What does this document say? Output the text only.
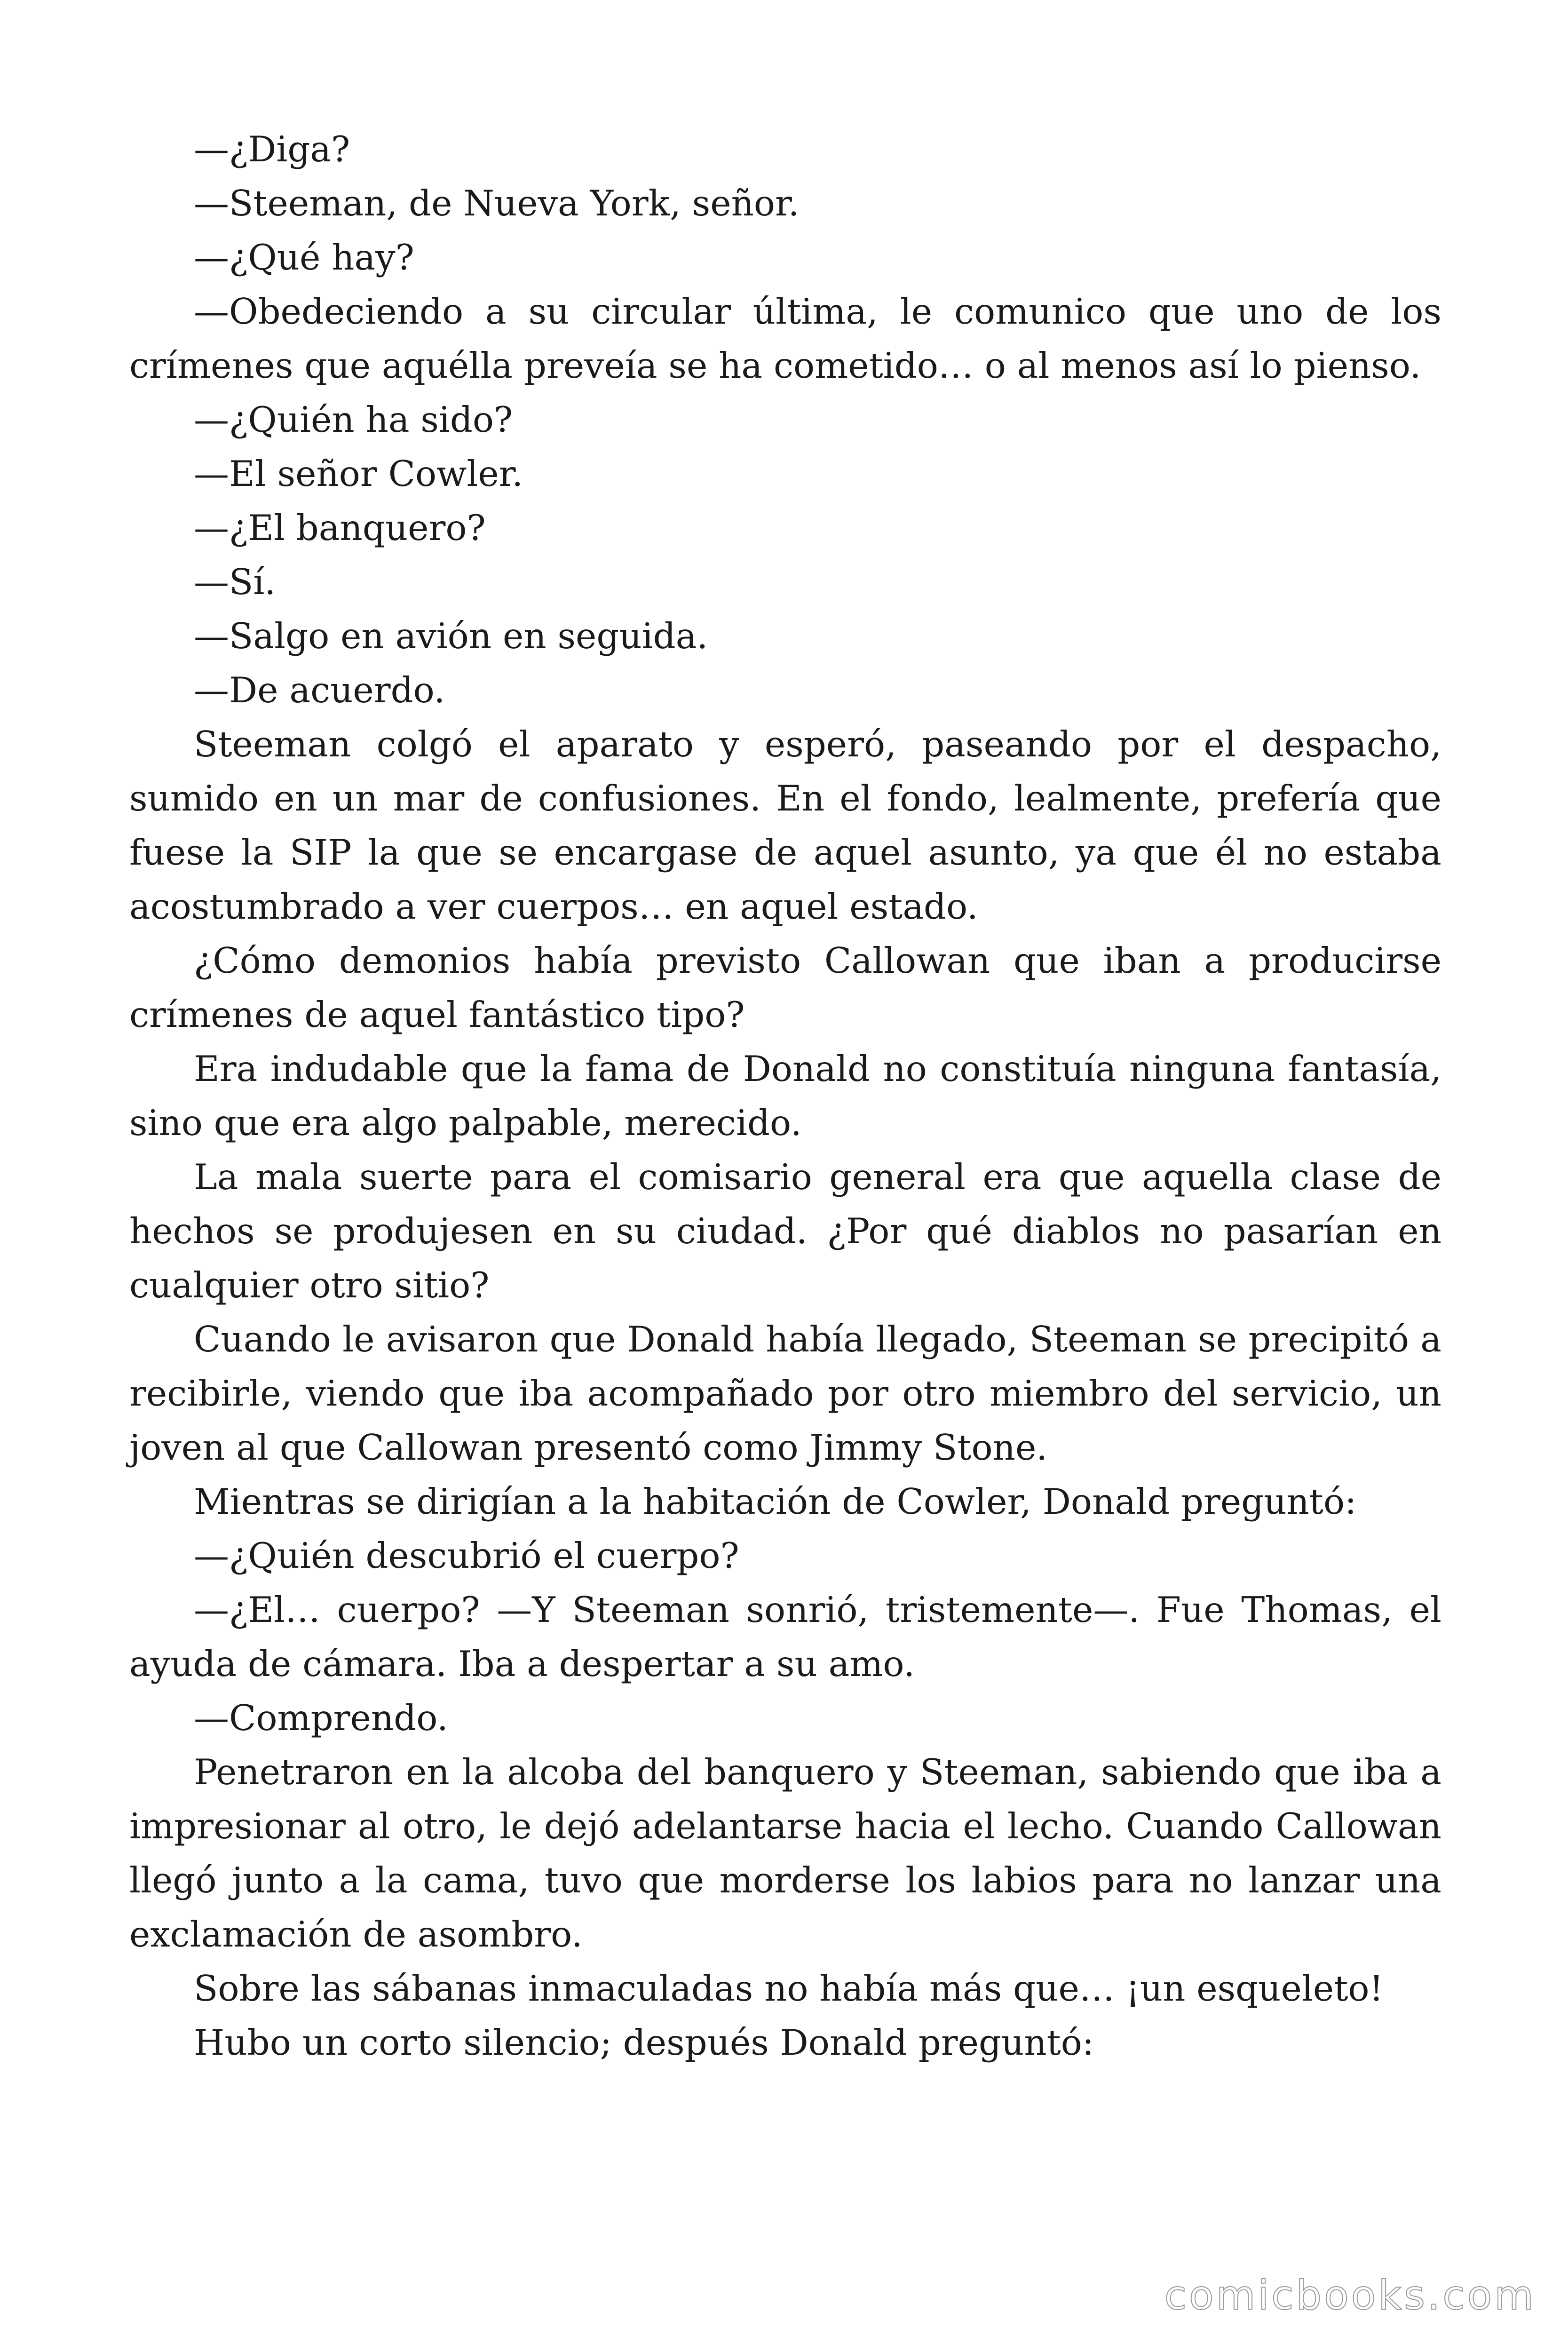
—¿Diga?

—Steeman, de Nueva York, señor.

—¿Qué hay?

—Obedeciendo a su circular última, le comunico que uno de los crímenes que aquélla preveía se ha cometido… o al menos así lo pienso.

—¿Quién ha sido?

—El señor Cowler.

—¿El banquero?

—Sí.

—Salgo en avión en seguida.

—De acuerdo.

Steeman colgó el aparato y esperó, paseando por el despacho, sumido en un mar de confusiones. En el fondo, lealmente, prefería que fuese la SIP la que se encargase de aquel asunto, ya que él no estaba acostumbrado a ver cuerpos… en aquel estado.

¿Cómo demonios había previsto Callowan que iban a producirse crímenes de aquel fantástico tipo?

Era indudable que la fama de Donald no constituía ninguna fantasía, sino que era algo palpable, merecido.

La mala suerte para el comisario general era que aquella clase de hechos se produjesen en su ciudad. ¿Por qué diablos no pasarían en cualquier otro sitio?

Cuando le avisaron que Donald había llegado, Steeman se precipitó a recibirle, viendo que iba acompañado por otro miembro del servicio, un joven al que Callowan presentó como Jimmy Stone.

Mientras se dirigían a la habitación de Cowler, Donald preguntó:

—¿Quién descubrió el cuerpo?

—¿El… cuerpo? —Y Steeman sonrió, tristemente—. Fue Thomas, el ayuda de cámara. Iba a despertar a su amo.

—Comprendo.

Penetraron en la alcoba del banquero y Steeman, sabiendo que iba a impresionar al otro, le dejó adelantarse hacia el lecho. Cuando Callowan llegó junto a la cama, tuvo que morderse los labios para no lanzar una exclamación de asombro.

Sobre las sábanas inmaculadas no había más que… ¡un esqueleto!

Hubo un corto silencio; después Donald preguntó:

comicbooks.com
